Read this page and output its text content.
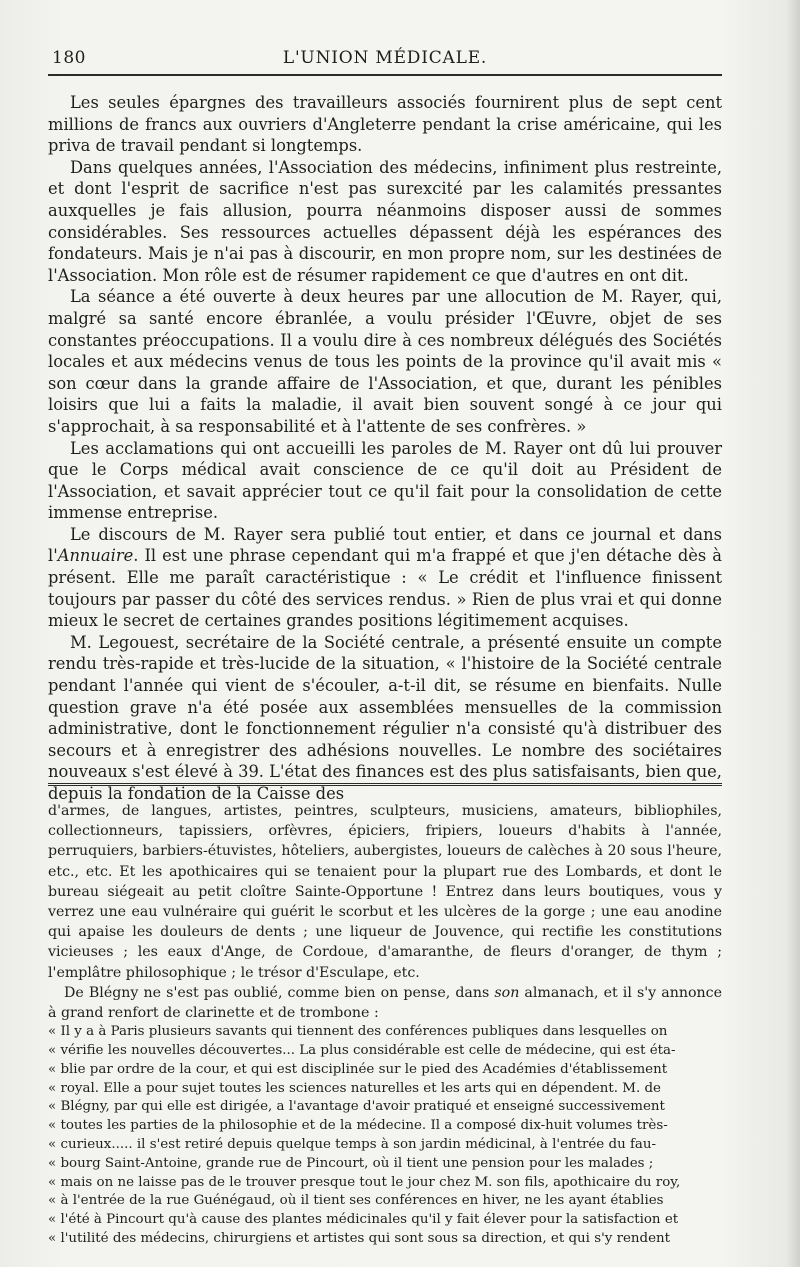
180	L'UNION MÉDICALE.

Les seules épargnes des travailleurs associés fournirent plus de sept cent millions de francs aux ouvriers d'Angleterre pendant la crise américaine, qui les priva de travail pendant si longtemps.

Dans quelques années, l'Association des médecins, infiniment plus restreinte, et dont l'esprit de sacrifice n'est pas surexcité par les calamités pressantes auxquelles je fais allusion, pourra néanmoins disposer aussi de sommes considérables. Ses ressources actuelles dépassent déjà les espérances des fondateurs. Mais je n'ai pas à discourir, en mon propre nom, sur les destinées de l'Association. Mon rôle est de résumer rapidement ce que d'autres en ont dit.

La séance a été ouverte à deux heures par une allocution de M. Rayer, qui, malgré sa santé encore ébranlée, a voulu présider l'Œuvre, objet de ses constantes préoccupations. Il a voulu dire à ces nombreux délégués des Sociétés locales et aux médecins venus de tous les points de la province qu'il avait mis « son cœur dans la grande affaire de l'Association, et que, durant les pénibles loisirs que lui a faits la maladie, il avait bien souvent songé à ce jour qui s'approchait, à sa responsabilité et à l'attente de ses confrères. »

Les acclamations qui ont accueilli les paroles de M. Rayer ont dû lui prouver que le Corps médical avait conscience de ce qu'il doit au Président de l'Association, et savait apprécier tout ce qu'il fait pour la consolidation de cette immense entreprise.

Le discours de M. Rayer sera publié tout entier, et dans ce journal et dans l'Annuaire. Il est une phrase cependant qui m'a frappé et que j'en détache dès à présent. Elle me paraît caractéristique : « Le crédit et l'influence finissent toujours par passer du côté des services rendus. » Rien de plus vrai et qui donne mieux le secret de certaines grandes positions légitimement acquises.

M. Legouest, secrétaire de la Société centrale, a présenté ensuite un compte rendu très-rapide et très-lucide de la situation, « l'histoire de la Société centrale pendant l'année qui vient de s'écouler, a-t-il dit, se résume en bienfaits. Nulle question grave n'a été posée aux assemblées mensuelles de la commission administrative, dont le fonctionnement régulier n'a consisté qu'à distribuer des secours et à enregistrer des adhésions nouvelles. Le nombre des sociétaires nouveaux s'est élevé à 39. L'état des finances est des plus satisfaisants, bien que, depuis la fondation de la Caisse des

d'armes, de langues, artistes, peintres, sculpteurs, musiciens, amateurs, bibliophiles, collectionneurs, tapissiers, orfèvres, épiciers, fripiers, loueurs d'habits à l'année, perruquiers, barbiers-étuvistes, hôteliers, aubergistes, loueurs de calèches à 20 sous l'heure, etc., etc. Et les apothicaires qui se tenaient pour la plupart rue des Lombards, et dont le bureau siégeait au petit cloître Sainte-Opportune ! Entrez dans leurs boutiques, vous y verrez une eau vulnéraire qui guérit le scorbut et les ulcères de la gorge ; une eau anodine qui apaise les douleurs de dents ; une liqueur de Jouvence, qui rectifie les constitutions vicieuses ; les eaux d'Ange, de Cordoue, d'amaranthe, de fleurs d'oranger, de thym ; l'emplâtre philosophique ; le trésor d'Esculape, etc.

De Blégny ne s'est pas oublié, comme bien on pense, dans son almanach, et il s'y annonce à grand renfort de clarinette et de trombone :

« Il y a à Paris plusieurs savants qui tiennent des conférences publiques dans lesquelles on
« vérifie les nouvelles découvertes... La plus considérable est celle de médecine, qui est éta-
« blie par ordre de la cour, et qui est disciplinée sur le pied des Académies d'établissement
« royal. Elle a pour sujet toutes les sciences naturelles et les arts qui en dépendent. M. de
« Blégny, par qui elle est dirigée, a l'avantage d'avoir pratiqué et enseigné successivement
« toutes les parties de la philosophie et de la médecine. Il a composé dix-huit volumes très-
« curieux..... il s'est retiré depuis quelque temps à son jardin médicinal, à l'entrée du fau-
« bourg Saint-Antoine, grande rue de Pincourt, où il tient une pension pour les malades ;
« mais on ne laisse pas de le trouver presque tout le jour chez M. son fils, apothicaire du roy,
« à l'entrée de la rue Guénégaud, où il tient ses conférences en hiver, ne les ayant établies
« l'été à Pincourt qu'à cause des plantes médicinales qu'il y fait élever pour la satisfaction et
« l'utilité des médecins, chirurgiens et artistes qui sont sous sa direction, et qui s'y rendent
